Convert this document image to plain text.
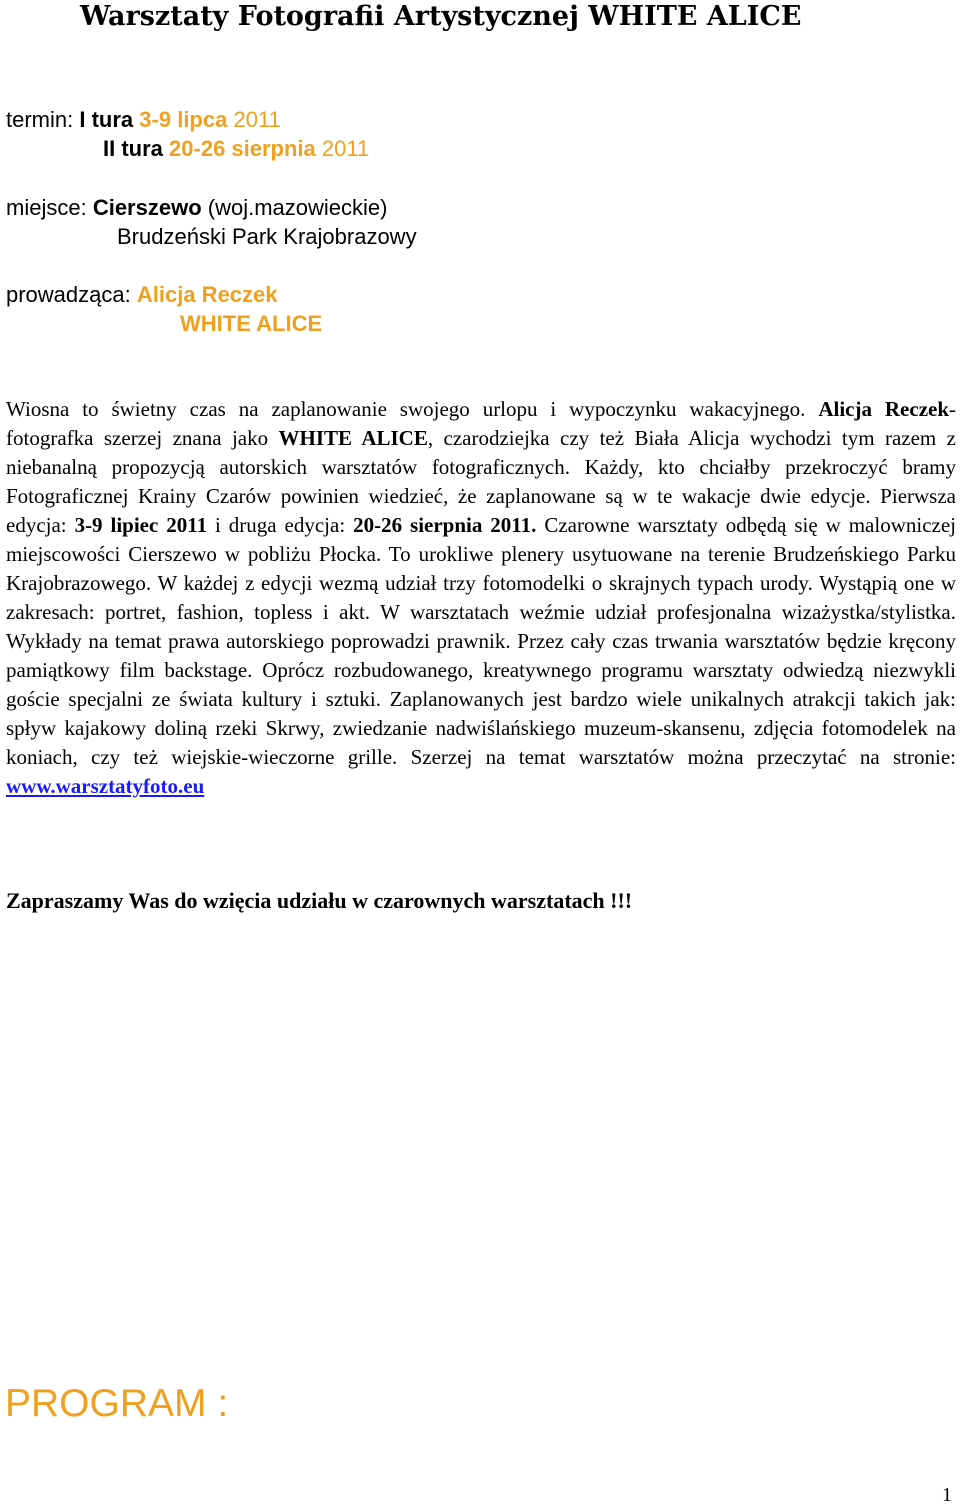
Warsztaty Fotografii Artystycznej WHITE ALICE
termin: I tura 3-9 lipca 2011
II tura 20-26 sierpnia 2011
miejsce: Cierszewo (woj.mazowieckie)
Brudzeński Park Krajobrazowy
prowadząca: Alicja Reczek
WHITE ALICE
Wiosna to świetny czas na zaplanowanie swojego urlopu i wypoczynku wakacyjnego. Alicja Reczek- fotografka szerzej znana jako WHITE ALICE, czarodziejka czy też Biała Alicja wychodzi tym razem z niebanalną propozycją autorskich warsztatów fotograficznych. Każdy, kto chciałby przekroczyć bramy Fotograficznej Krainy Czarów powinien wiedzieć, że zaplanowane są w te wakacje dwie edycje. Pierwsza edycja: 3-9 lipiec 2011 i druga edycja: 20-26 sierpnia 2011. Czarowne warsztaty odbędą się w malowniczej miejscowości Cierszewo w pobliżu Płocka. To urokliwe plenery usytuowane na terenie Brudzeńskiego Parku Krajobrazowego. W każdej z edycji wezmą udział trzy fotomodelki o skrajnych typach urody. Wystąpią one w zakresach: portret, fashion, topless i akt. W warsztatach weźmie udział profesjonalna wizażystka/stylistka. Wykłady na temat prawa autorskiego poprowadzi prawnik. Przez cały czas trwania warsztatów będzie kręcony pamiątkowy film backstage. Oprócz rozbudowanego, kreatywnego programu warsztaty odwiedzą niezwykli goście specjalni ze świata kultury i sztuki. Zaplanowanych jest bardzo wiele unikalnych atrakcji takich jak: spływ kajakowy doliną rzeki Skrwy, zwiedzanie nadwiślańskiego muzeum-skansenu, zdjęcia fotomodelek na koniach, czy też wiejskie-wieczorne grille. Szerzej na temat warsztatów można przeczytać na stronie: www.warsztatyfoto.eu
Zapraszamy Was do wzięcia udziału w czarownych warsztatach !!!
PROGRAM :
1
